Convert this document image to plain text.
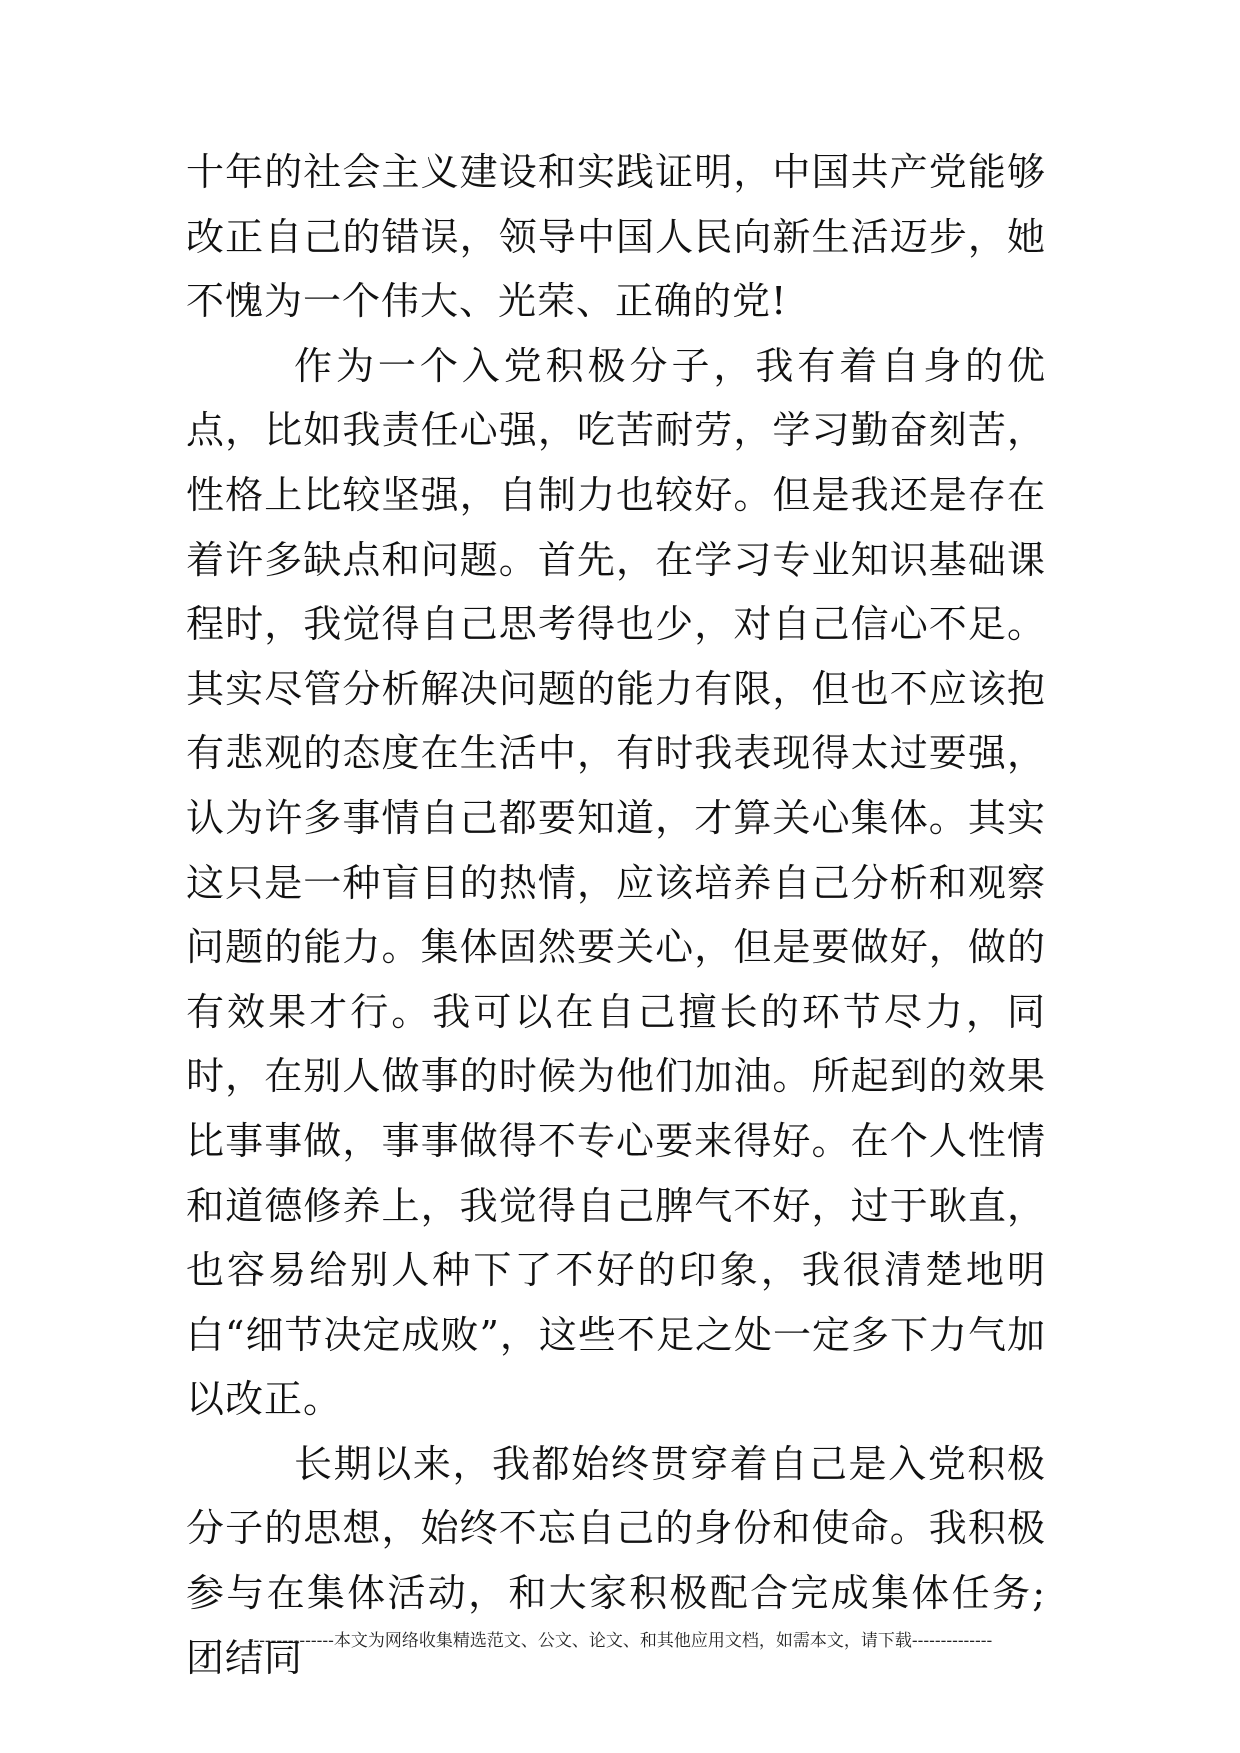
十年的社会主义建设和实践证明，中国共产党能够改正自己的错误，领导中国人民向新生活迈步，她不愧为一个伟大、光荣、正确的党!

作为一个入党积极分子，我有着自身的优点，比如我责任心强，吃苦耐劳，学习勤奋刻苦，性格上比较坚强，自制力也较好。但是我还是存在着许多缺点和问题。首先，在学习专业知识基础课程时，我觉得自己思考得也少，对自己信心不足。其实尽管分析解决问题的能力有限，但也不应该抱有悲观的态度在生活中，有时我表现得太过要强，认为许多事情自己都要知道，才算关心集体。其实这只是一种盲目的热情，应该培养自己分析和观察问题的能力。集体固然要关心，但是要做好，做的有效果才行。我可以在自己擅长的环节尽力，同时，在别人做事的时候为他们加油。所起到的效果比事事做，事事做得不专心要来得好。在个人性情和道德修养上，我觉得自己脾气不好，过于耿直，也容易给别人种下了不好的印象，我很清楚地明白“细节决定成败”，这些不足之处一定多下力气加以改正。

长期以来，我都始终贯穿着自己是入党积极分子的思想，始终不忘自己的身份和使命。我积极参与在集体活动，和大家积极配合完成集体任务;团结同

---------------本文为网络收集精选范文、公文、论文、和其他应用文档，如需本文，请下载--------------
